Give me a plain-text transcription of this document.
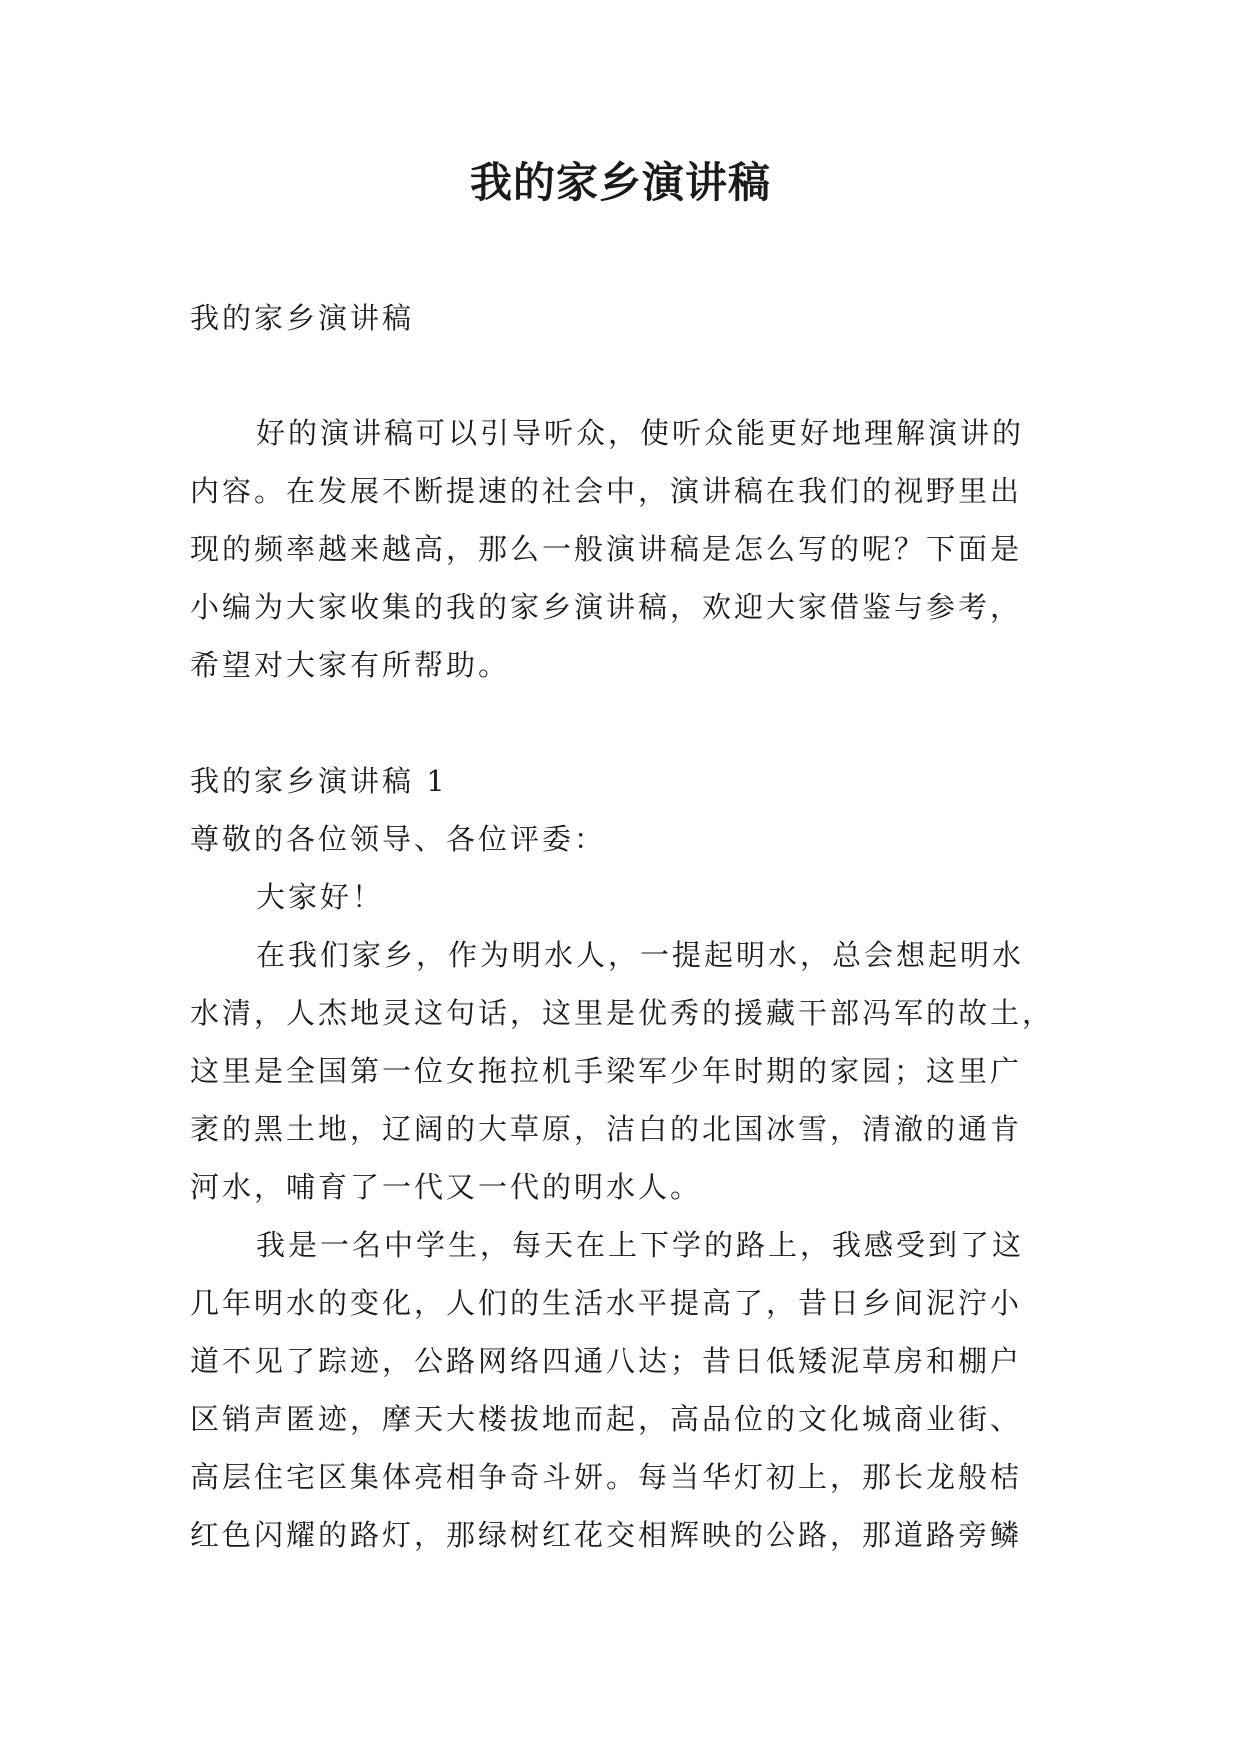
我的家乡演讲稿
我的家乡演讲稿
好的演讲稿可以引导听众，使听众能更好地理解演讲的
内容。在发展不断提速的社会中，演讲稿在我们的视野里出
现的频率越来越高，那么一般演讲稿是怎么写的呢？下面是
小编为大家收集的我的家乡演讲稿，欢迎大家借鉴与参考，
希望对大家有所帮助。
我的家乡演讲稿 1
尊敬的各位领导、各位评委：
大家好！
在我们家乡，作为明水人，一提起明水，总会想起明水
水清，人杰地灵这句话，这里是优秀的援藏干部冯军的故土，
这里是全国第一位女拖拉机手梁军少年时期的家园；这里广
袤的黑土地，辽阔的大草原，洁白的北国冰雪，清澈的通肯
河水，哺育了一代又一代的明水人。
我是一名中学生，每天在上下学的路上，我感受到了这
几年明水的变化，人们的生活水平提高了，昔日乡间泥泞小
道不见了踪迹，公路网络四通八达；昔日低矮泥草房和棚户
区销声匿迹，摩天大楼拔地而起，高品位的文化城商业街、
高层住宅区集体亮相争奇斗妍。每当华灯初上，那长龙般桔
红色闪耀的路灯，那绿树红花交相辉映的公路，那道路旁鳞
